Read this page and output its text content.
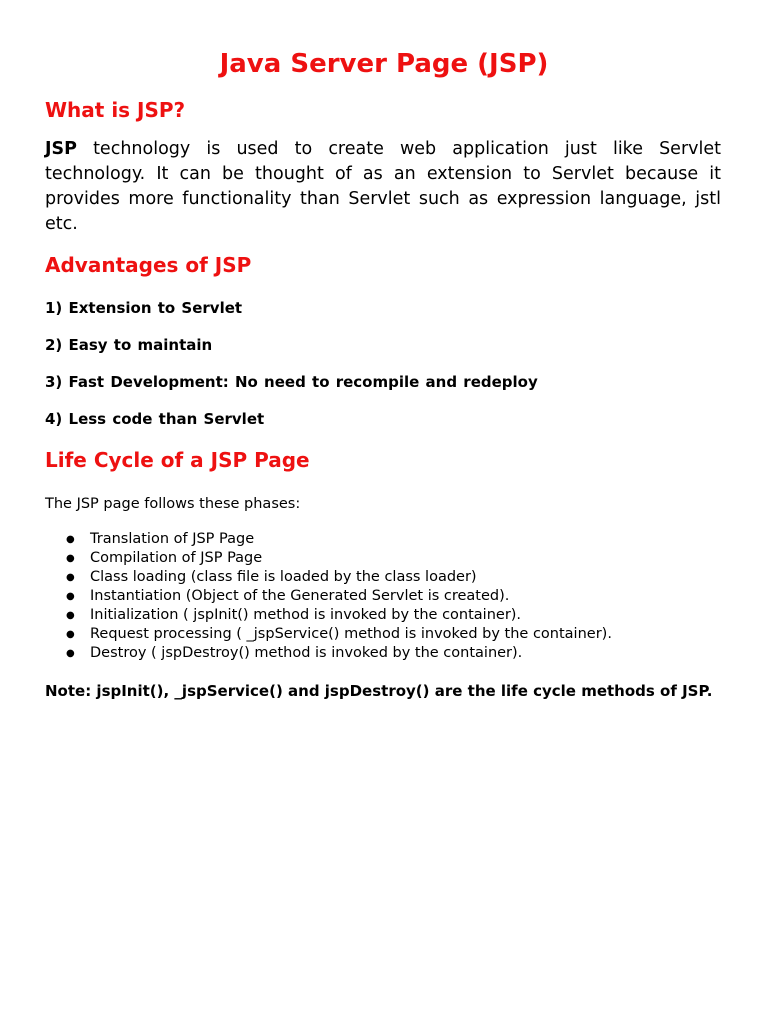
Java Server Page (JSP)
What is JSP?

JSP technology is used to create web application just like Servlet technology. It can be thought of as an extension to Servlet because it provides more functionality than Servlet such as expression language, jstl etc.

Advantages of JSP

1) Extension to Servlet

2) Easy to maintain

3) Fast Development: No need to recompile and redeploy

4) Less code than Servlet

Life Cycle of a JSP Page

The JSP page follows these phases:

● Translation of JSP Page
● Compilation of JSP Page
● Class loading (class file is loaded by the class loader)
● Instantiation (Object of the Generated Servlet is created).
● Initialization ( jspInit() method is invoked by the container).
● Request processing ( _jspService() method is invoked by the container).
● Destroy ( jspDestroy() method is invoked by the container).

Note: jspInit(), _jspService() and jspDestroy() are the life cycle methods of JSP.
